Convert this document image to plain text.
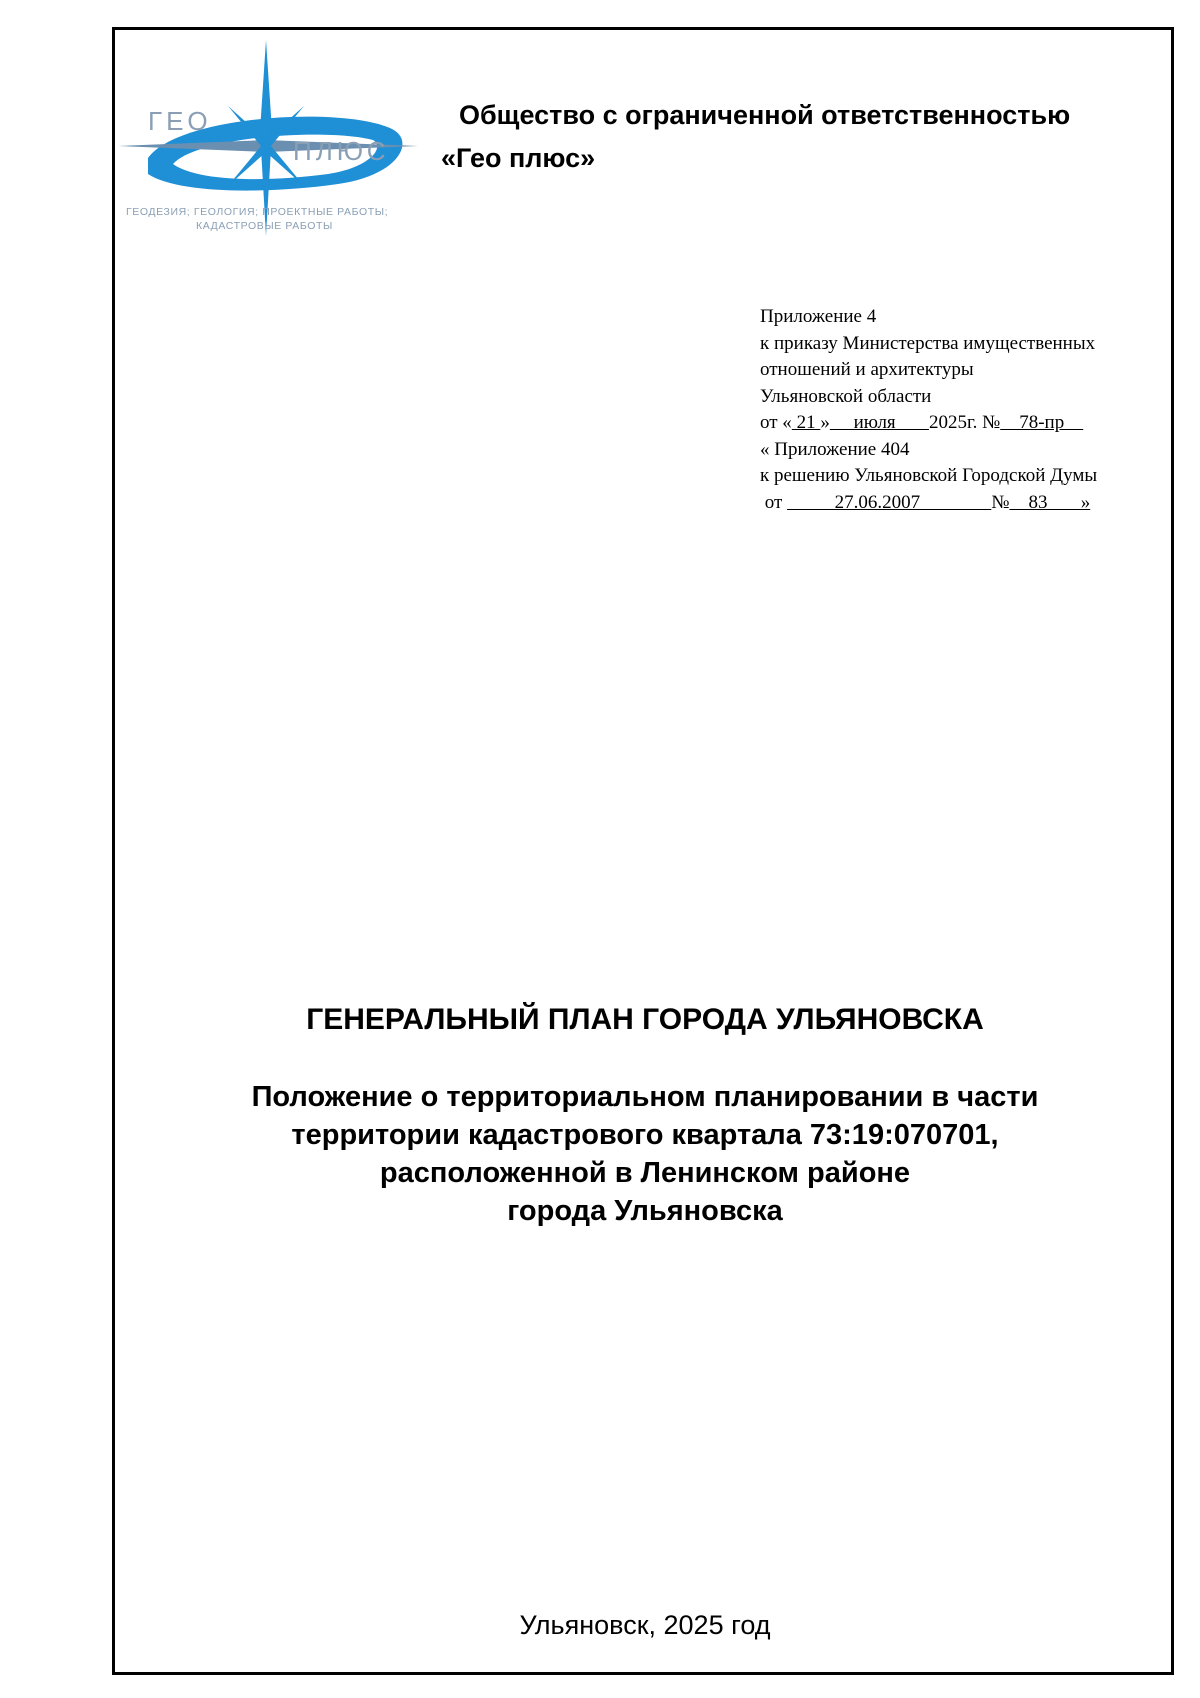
ГЕО
ПЛЮС
ГЕОДЕЗИЯ; ГЕОЛОГИЯ; ПРОЕКТНЫЕ РАБОТЫ;
КАДАСТРОВЫЕ РАБОТЫ
Общество с ограниченной ответственностью
«Гео плюс»
Приложение 4
к приказу Министерства имущественных
отношений и архитектуры
Ульяновской области
от « 21 »     июля       2025г. №    78-пр
« Приложение 404
к решению Ульяновской Городской Думы
от           27.06.2007               №    83       »
ГЕНЕРАЛЬНЫЙ ПЛАН ГОРОДА УЛЬЯНОВСКА
Положение о территориальном планировании в части
территории кадастрового квартала 73:19:070701,
расположенной в Ленинском районе
города Ульяновска
Ульяновск, 2025 год
